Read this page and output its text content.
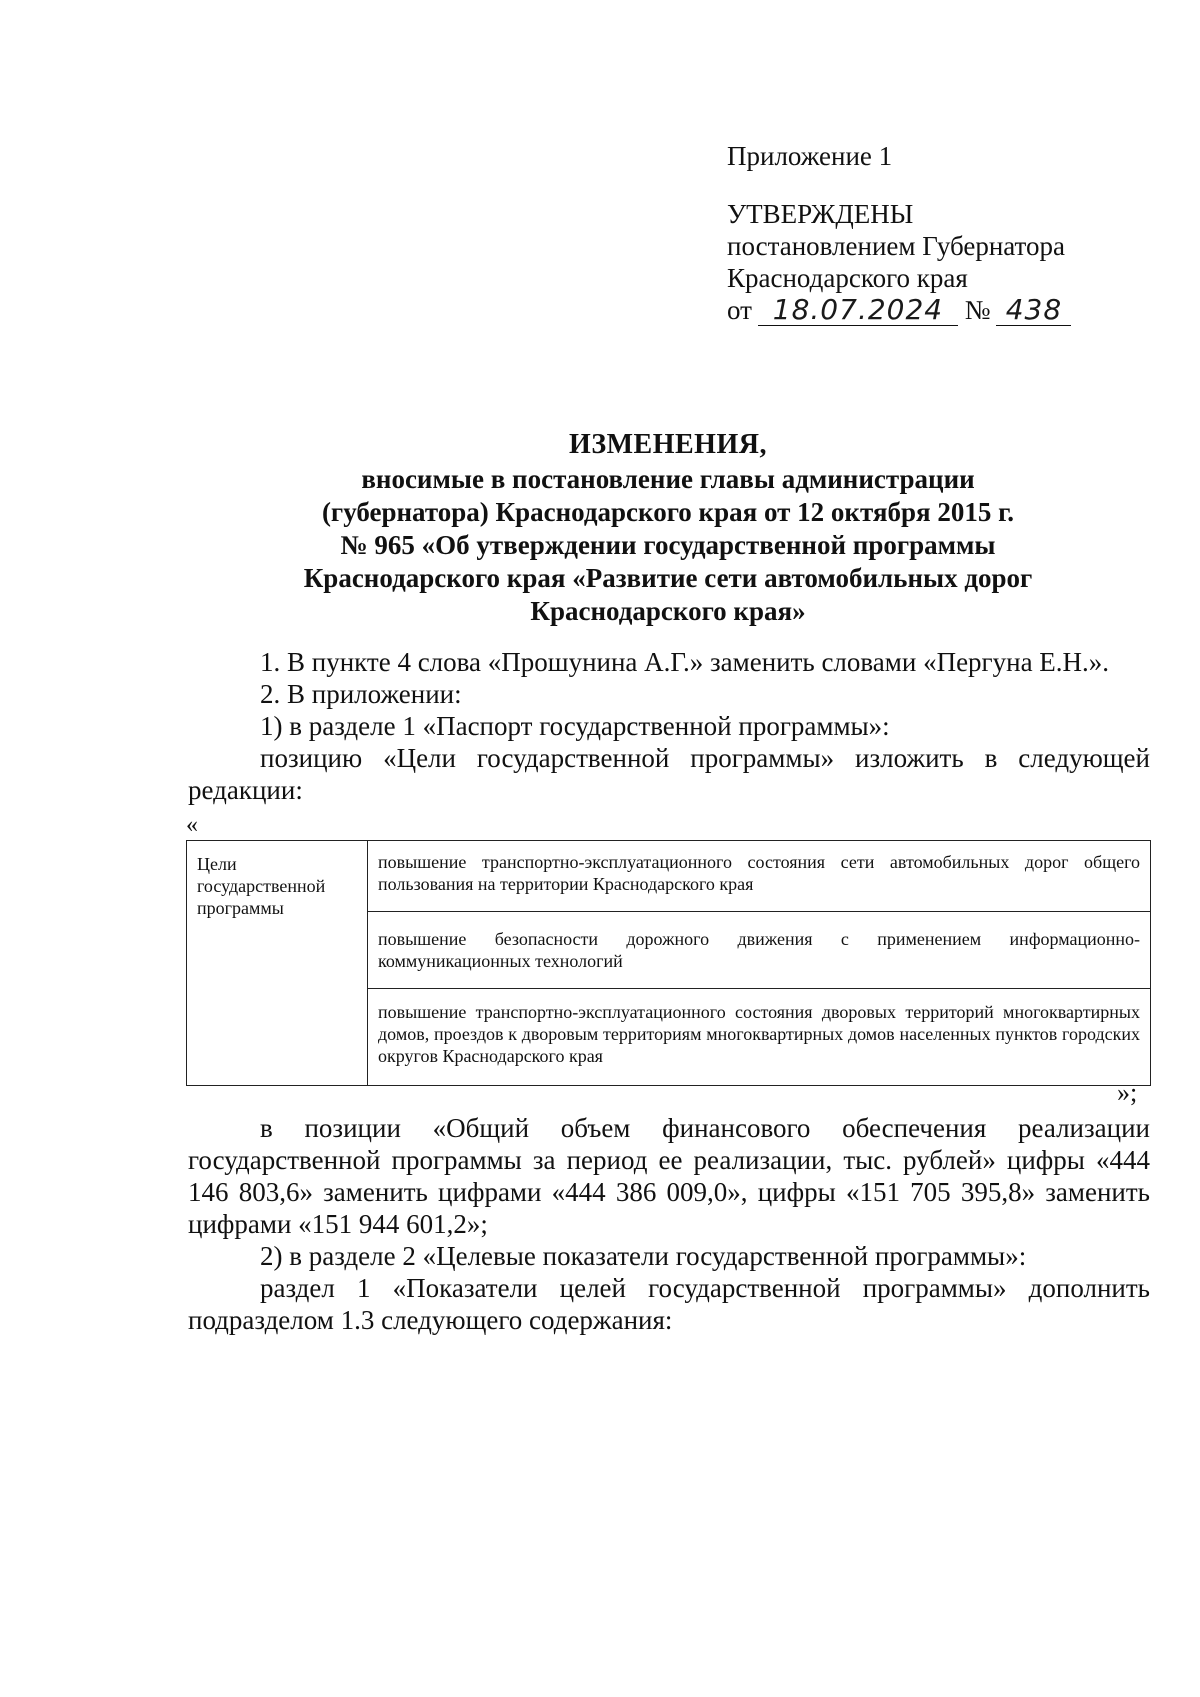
Приложение 1

УТВЕРЖДЕНЫ

постановлением Губернатора

Краснодарского края

от 18.07.2024 № 438

ИЗМЕНЕНИЯ,
вносимые в постановление главы администрации
(губернатора) Краснодарского края от 12 октября 2015 г.
№ 965 «Об утверждении государственной программы
Краснодарского края «Развитие сети автомобильных дорог
Краснодарского края»

1. В пункте 4 слова «Прошунина А.Г.» заменить словами «Пергуна Е.Н.».

2. В приложении:

1) в разделе 1 «Паспорт государственной программы»:

позицию «Цели государственной программы» изложить в следующей редакции:

«
Цели государственной программы	повышение транспортно-эксплуатационного состояния сети автомобильных дорог общего пользования на территории Краснодарского края
повышение безопасности дорожного движения с применением информационно-коммуникационных технологий
повышение транспортно-эксплуатационного состояния дворовых территорий многоквартирных домов, проездов к дворовым территориям многоквартирных домов населенных пунктов городских округов Краснодарского края
»;

в позиции «Общий объем финансового обеспечения реализации государственной программы за период ее реализации, тыс. рублей» цифры «444 146 803,6» заменить цифрами «444 386 009,0», цифры «151 705 395,8» заменить цифрами «151 944 601,2»;

2) в разделе 2 «Целевые показатели государственной программы»:

раздел 1 «Показатели целей государственной программы» дополнить подразделом 1.3 следующего содержания:
